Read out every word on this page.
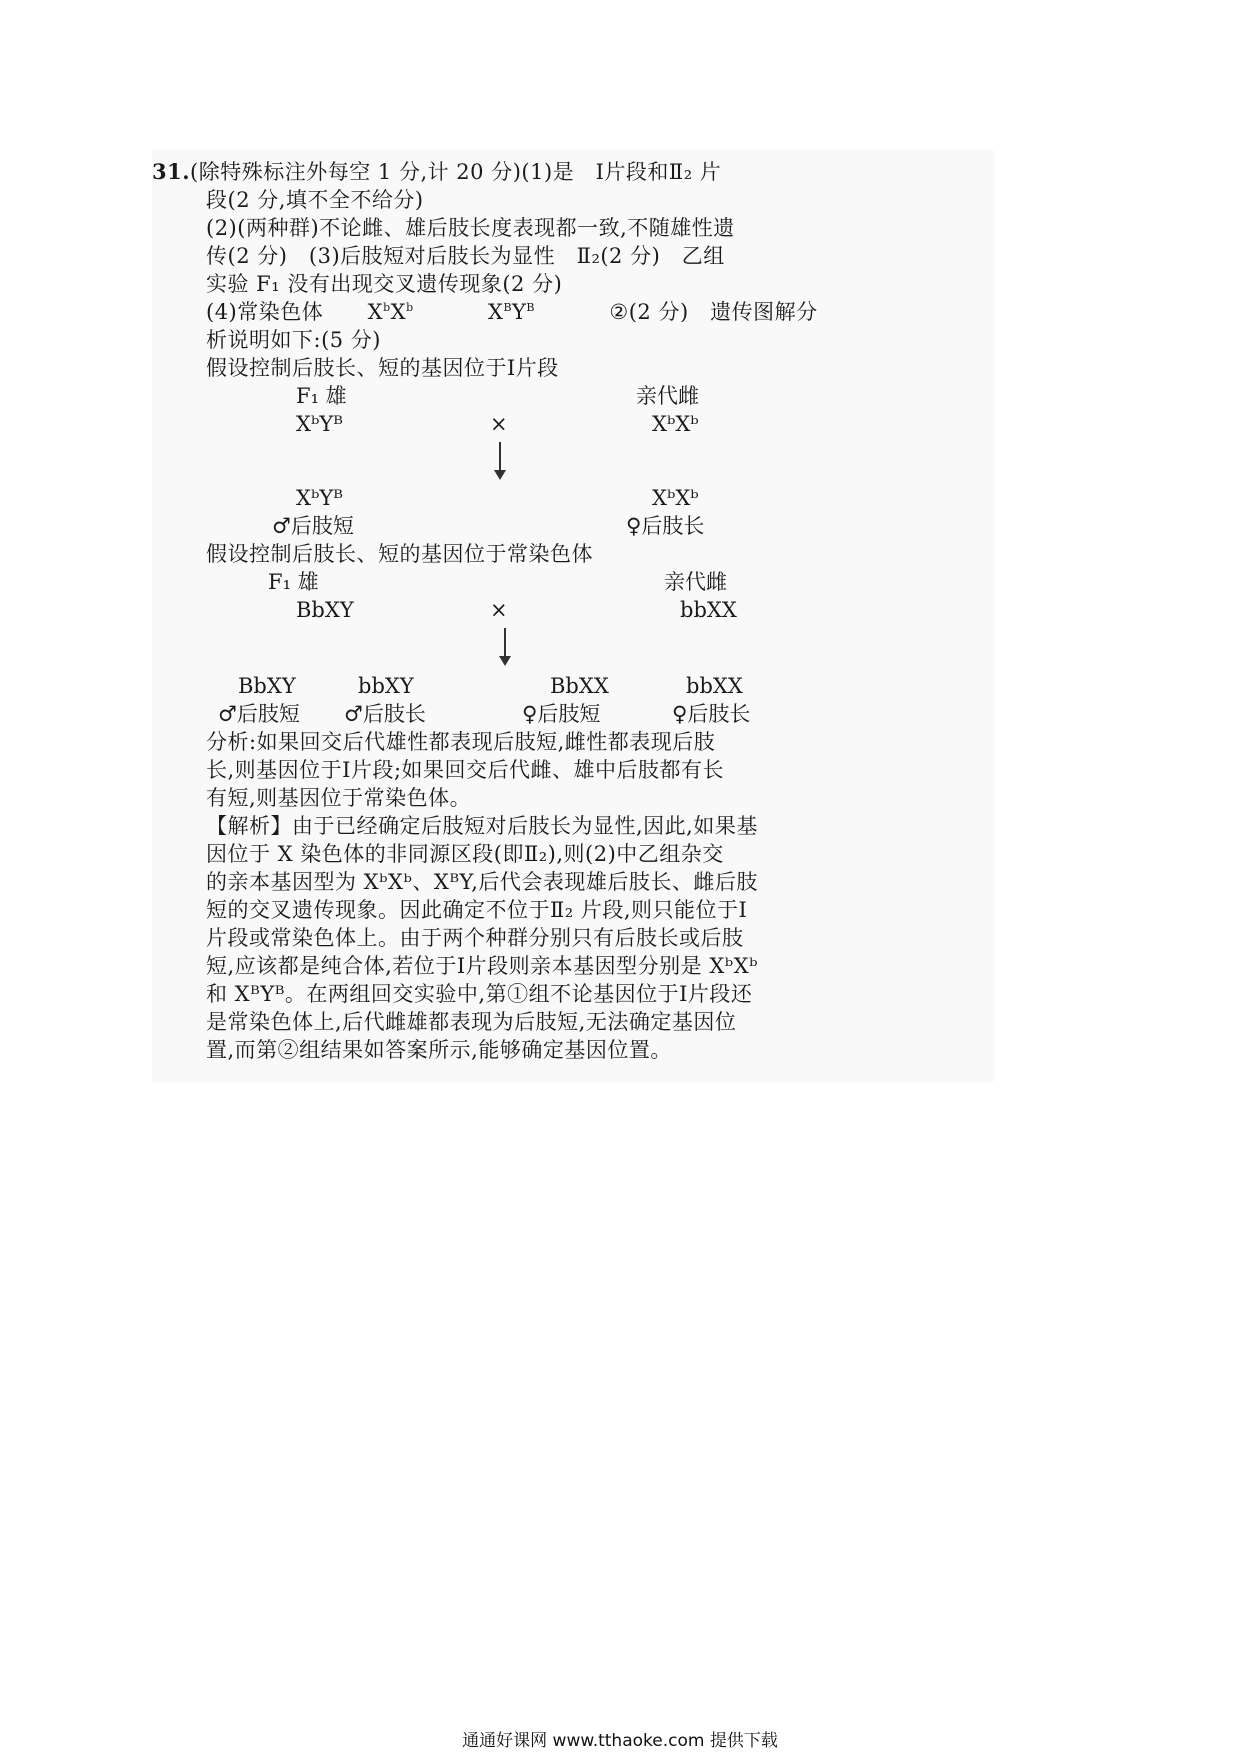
31.(除特殊标注外每空 1 分,计 20 分)(1)是　Ⅰ片段和Ⅱ₂ 片
段(2 分,填不全不给分)
(2)(两种群)不论雌、雄后肢长度表现都一致,不随雄性遗
传(2 分)　(3)后肢短对后肢长为显性　Ⅱ₂(2 分)　乙组
实验 F₁ 没有出现交叉遗传现象(2 分)
(4)常染色体 $X^bX^b$	$X^BY^B$	②(2 分)　遗传图解分
析说明如下:(5 分)
假设控制后肢长、短的基因位于Ⅰ片段
F₁ 雄	亲代雌
XᵇYᴮ	×	XᵇXᵇ
XᵇYᴮ	XᵇXᵇ
♂后肢短	♀后肢长
假设控制后肢长、短的基因位于常染色体
F₁ 雄	亲代雌
BbXY	×	bbXX
BbXY	bbXY	BbXX	bbXX
♂后肢短 ♂后肢长	♀后肢短	♀后肢长
分析:如果回交后代雄性都表现后肢短,雌性都表现后肢
长,则基因位于Ⅰ片段;如果回交后代雌、雄中后肢都有长
有短,则基因位于常染色体。
【解析】由于已经确定后肢短对后肢长为显性,因此,如果基
因位于 X 染色体的非同源区段(即Ⅱ₂),则(2)中乙组杂交
的亲本基因型为 XᵇXᵇ、XᴮY,后代会表现雄后肢长、雌后肢
短的交叉遗传现象。因此确定不位于Ⅱ₂ 片段,则只能位于Ⅰ
片段或常染色体上。由于两个种群分别只有后肢长或后肢
短,应该都是纯合体,若位于Ⅰ片段则亲本基因型分别是 XᵇXᵇ
和 XᴮYᴮ。在两组回交实验中,第①组不论基因位于Ⅰ片段还
是常染色体上,后代雌雄都表现为后肢短,无法确定基因位
置,而第②组结果如答案所示,能够确定基因位置。
通通好课网 www.tthaoke.com 提供下载
